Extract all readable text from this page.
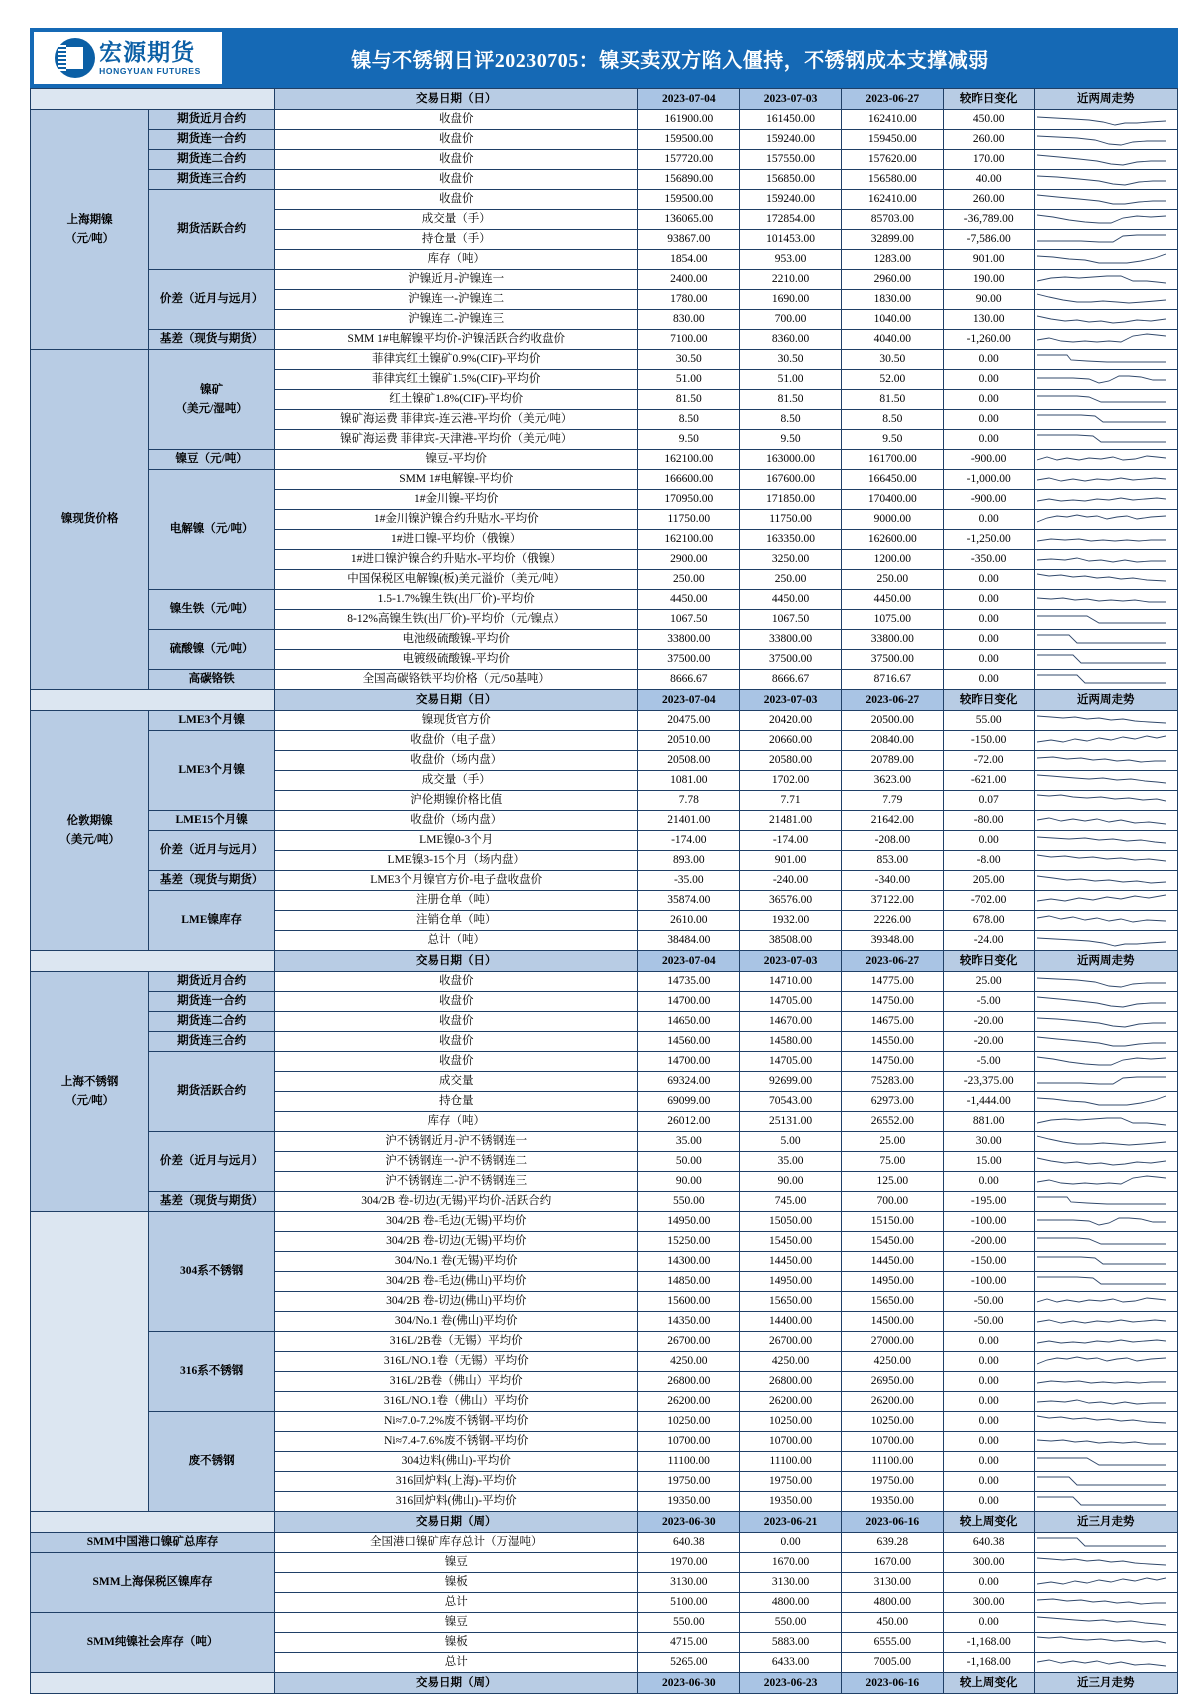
宏源期货
HONGYUAN FUTURES	镍与不锈钢日评20230705：镍买卖双方陷入僵持，不锈钢成本支撑减弱
		交易日期（日）	2023-07-04	2023-07-03	2023-06-27	较昨日变化	近两周走势

上海期镍
（元/吨）	期货近月合约	收盘价	161900.00	161450.00	162410.00	450.00	

	期货连一合约	收盘价	159500.00	159240.00	159450.00	260.00	

	期货连二合约	收盘价	157720.00	157550.00	157620.00	170.00	

	期货连三合约	收盘价	156890.00	156850.00	156580.00	40.00	

	期货活跃合约	收盘价	159500.00	159240.00	162410.00	260.00	

		成交量（手）	136065.00	172854.00	85703.00	-36,789.00	

		持仓量（手）	93867.00	101453.00	32899.00	-7,586.00	

		库存（吨）	1854.00	953.00	1283.00	901.00	

	价差（近月与远月）	沪镍近月-沪镍连一	2400.00	2210.00	2960.00	190.00	

		沪镍连一-沪镍连二	1780.00	1690.00	1830.00	90.00	

		沪镍连二-沪镍连三	830.00	700.00	1040.00	130.00	

	基差（现货与期货）	SMM 1#电解镍平均价-沪镍活跃合约收盘价	7100.00	8360.00	4040.00	-1,260.00	

镍现货价格	镍矿
（美元/湿吨）	菲律宾红土镍矿0.9%(CIF)-平均价	30.50	30.50	30.50	0.00	

		菲律宾红土镍矿1.5%(CIF)-平均价	51.00	51.00	52.00	0.00	

		红土镍矿1.8%(CIF)-平均价	81.50	81.50	81.50	0.00	

		镍矿海运费 菲律宾-连云港-平均价（美元/吨）	8.50	8.50	8.50	0.00	

		镍矿海运费 菲律宾-天津港-平均价（美元/吨）	9.50	9.50	9.50	0.00	

	镍豆（元/吨）	镍豆-平均价	162100.00	163000.00	161700.00	-900.00	

	电解镍（元/吨）	SMM 1#电解镍-平均价	166600.00	167600.00	166450.00	-1,000.00	

		1#金川镍-平均价	170950.00	171850.00	170400.00	-900.00	

		1#金川镍沪镍合约升贴水-平均价	11750.00	11750.00	9000.00	0.00	

		1#进口镍-平均价（俄镍）	162100.00	163350.00	162600.00	-1,250.00	

		1#进口镍沪镍合约升贴水-平均价（俄镍）	2900.00	3250.00	1200.00	-350.00	

		中国保税区电解镍(板)美元溢价（美元/吨）	250.00	250.00	250.00	0.00	

	镍生铁（元/吨）	1.5-1.7%镍生铁(出厂价)-平均价	4450.00	4450.00	4450.00	0.00	

		8-12%高镍生铁(出厂价)-平均价（元/镍点）	1067.50	1067.50	1075.00	0.00	

	硫酸镍（元/吨）	电池级硫酸镍-平均价	33800.00	33800.00	33800.00	0.00	

		电镀级硫酸镍-平均价	37500.00	37500.00	37500.00	0.00	

	高碳铬铁	全国高碳铬铁平均价格（元/50基吨）	8666.67	8666.67	8716.67	0.00	

		交易日期（日）	2023-07-04	2023-07-03	2023-06-27	较昨日变化	近两周走势

伦敦期镍
（美元/吨）	LME3个月镍	镍现货官方价	20475.00	20420.00	20500.00	55.00	

	LME3个月镍	收盘价（电子盘）	20510.00	20660.00	20840.00	-150.00	

		收盘价（场内盘）	20508.00	20580.00	20789.00	-72.00	

		成交量（手）	1081.00	1702.00	3623.00	-621.00	

		沪伦期镍价格比值	7.78	7.71	7.79	0.07	

	LME15个月镍	收盘价（场内盘）	21401.00	21481.00	21642.00	-80.00	

	价差（近月与远月）	LME镍0-3个月	-174.00	-174.00	-208.00	0.00	

		LME镍3-15个月（场内盘）	893.00	901.00	853.00	-8.00	

	基差（现货与期货）	LME3个月镍官方价-电子盘收盘价	-35.00	-240.00	-340.00	205.00	

	LME镍库存	注册仓单（吨）	35874.00	36576.00	37122.00	-702.00	

		注销仓单（吨）	2610.00	1932.00	2226.00	678.00	

		总计（吨）	38484.00	38508.00	39348.00	-24.00	

		交易日期（日）	2023-07-04	2023-07-03	2023-06-27	较昨日变化	近两周走势

上海不锈钢
（元/吨）	期货近月合约	收盘价	14735.00	14710.00	14775.00	25.00	

	期货连一合约	收盘价	14700.00	14705.00	14750.00	-5.00	

	期货连二合约	收盘价	14650.00	14670.00	14675.00	-20.00	

	期货连三合约	收盘价	14560.00	14580.00	14550.00	-20.00	

	期货活跃合约	收盘价	14700.00	14705.00	14750.00	-5.00	

		成交量	69324.00	92699.00	75283.00	-23,375.00	

		持仓量	69099.00	70543.00	62973.00	-1,444.00	

		库存（吨）	26012.00	25131.00	26552.00	881.00	

	价差（近月与远月）	沪不锈钢近月-沪不锈钢连一	35.00	5.00	25.00	30.00	

		沪不锈钢连一-沪不锈钢连二	50.00	35.00	75.00	15.00	

		沪不锈钢连二-沪不锈钢连三	90.00	90.00	125.00	0.00	

	基差（现货与期货）	304/2B 卷-切边(无锡)平均价-活跃合约	550.00	745.00	700.00	-195.00	

	304系不锈钢	304/2B 卷-毛边(无锡)平均价	14950.00	15050.00	15150.00	-100.00	

		304/2B 卷-切边(无锡)平均价	15250.00	15450.00	15450.00	-200.00	

		304/No.1 卷(无锡)平均价	14300.00	14450.00	14450.00	-150.00	

		304/2B 卷-毛边(佛山)平均价	14850.00	14950.00	14950.00	-100.00	

		304/2B 卷-切边(佛山)平均价	15600.00	15650.00	15650.00	-50.00	

		304/No.1 卷(佛山)平均价	14350.00	14400.00	14500.00	-50.00	

	316系不锈钢	316L/2B卷（无锡）平均价	26700.00	26700.00	27000.00	0.00	

		316L/NO.1卷（无锡）平均价	4250.00	4250.00	4250.00	0.00	

		316L/2B卷（佛山）平均价	26800.00	26800.00	26950.00	0.00	

		316L/NO.1卷（佛山）平均价	26200.00	26200.00	26200.00	0.00	

	废不锈钢	Ni≈7.0-7.2%废不锈钢-平均价	10250.00	10250.00	10250.00	0.00	

		Ni≈7.4-7.6%废不锈钢-平均价	10700.00	10700.00	10700.00	0.00	

		304边料(佛山)-平均价	11100.00	11100.00	11100.00	0.00	

		316回炉料(上海)-平均价	19750.00	19750.00	19750.00	0.00	

		316回炉料(佛山)-平均价	19350.00	19350.00	19350.00	0.00	

		交易日期（周）	2023-06-30	2023-06-21	2023-06-16	较上周变化	近三月走势
SMM中国港口镍矿总库存		全国港口镍矿库存总计（万湿吨）	640.38	0.00	639.28	640.38	

SMM上海保税区镍库存		镍豆	1970.00	1670.00	1670.00	300.00	

		镍板	3130.00	3130.00	3130.00	0.00	

		总计	5100.00	4800.00	4800.00	300.00	

SMM纯镍社会库存（吨）		镍豆	550.00	550.00	450.00	0.00	

		镍板	4715.00	5883.00	6555.00	-1,168.00	

		总计	5265.00	6433.00	7005.00	-1,168.00	

		交易日期（周）	2023-06-30	2023-06-23	2023-06-16	较上周变化	近三月走势
